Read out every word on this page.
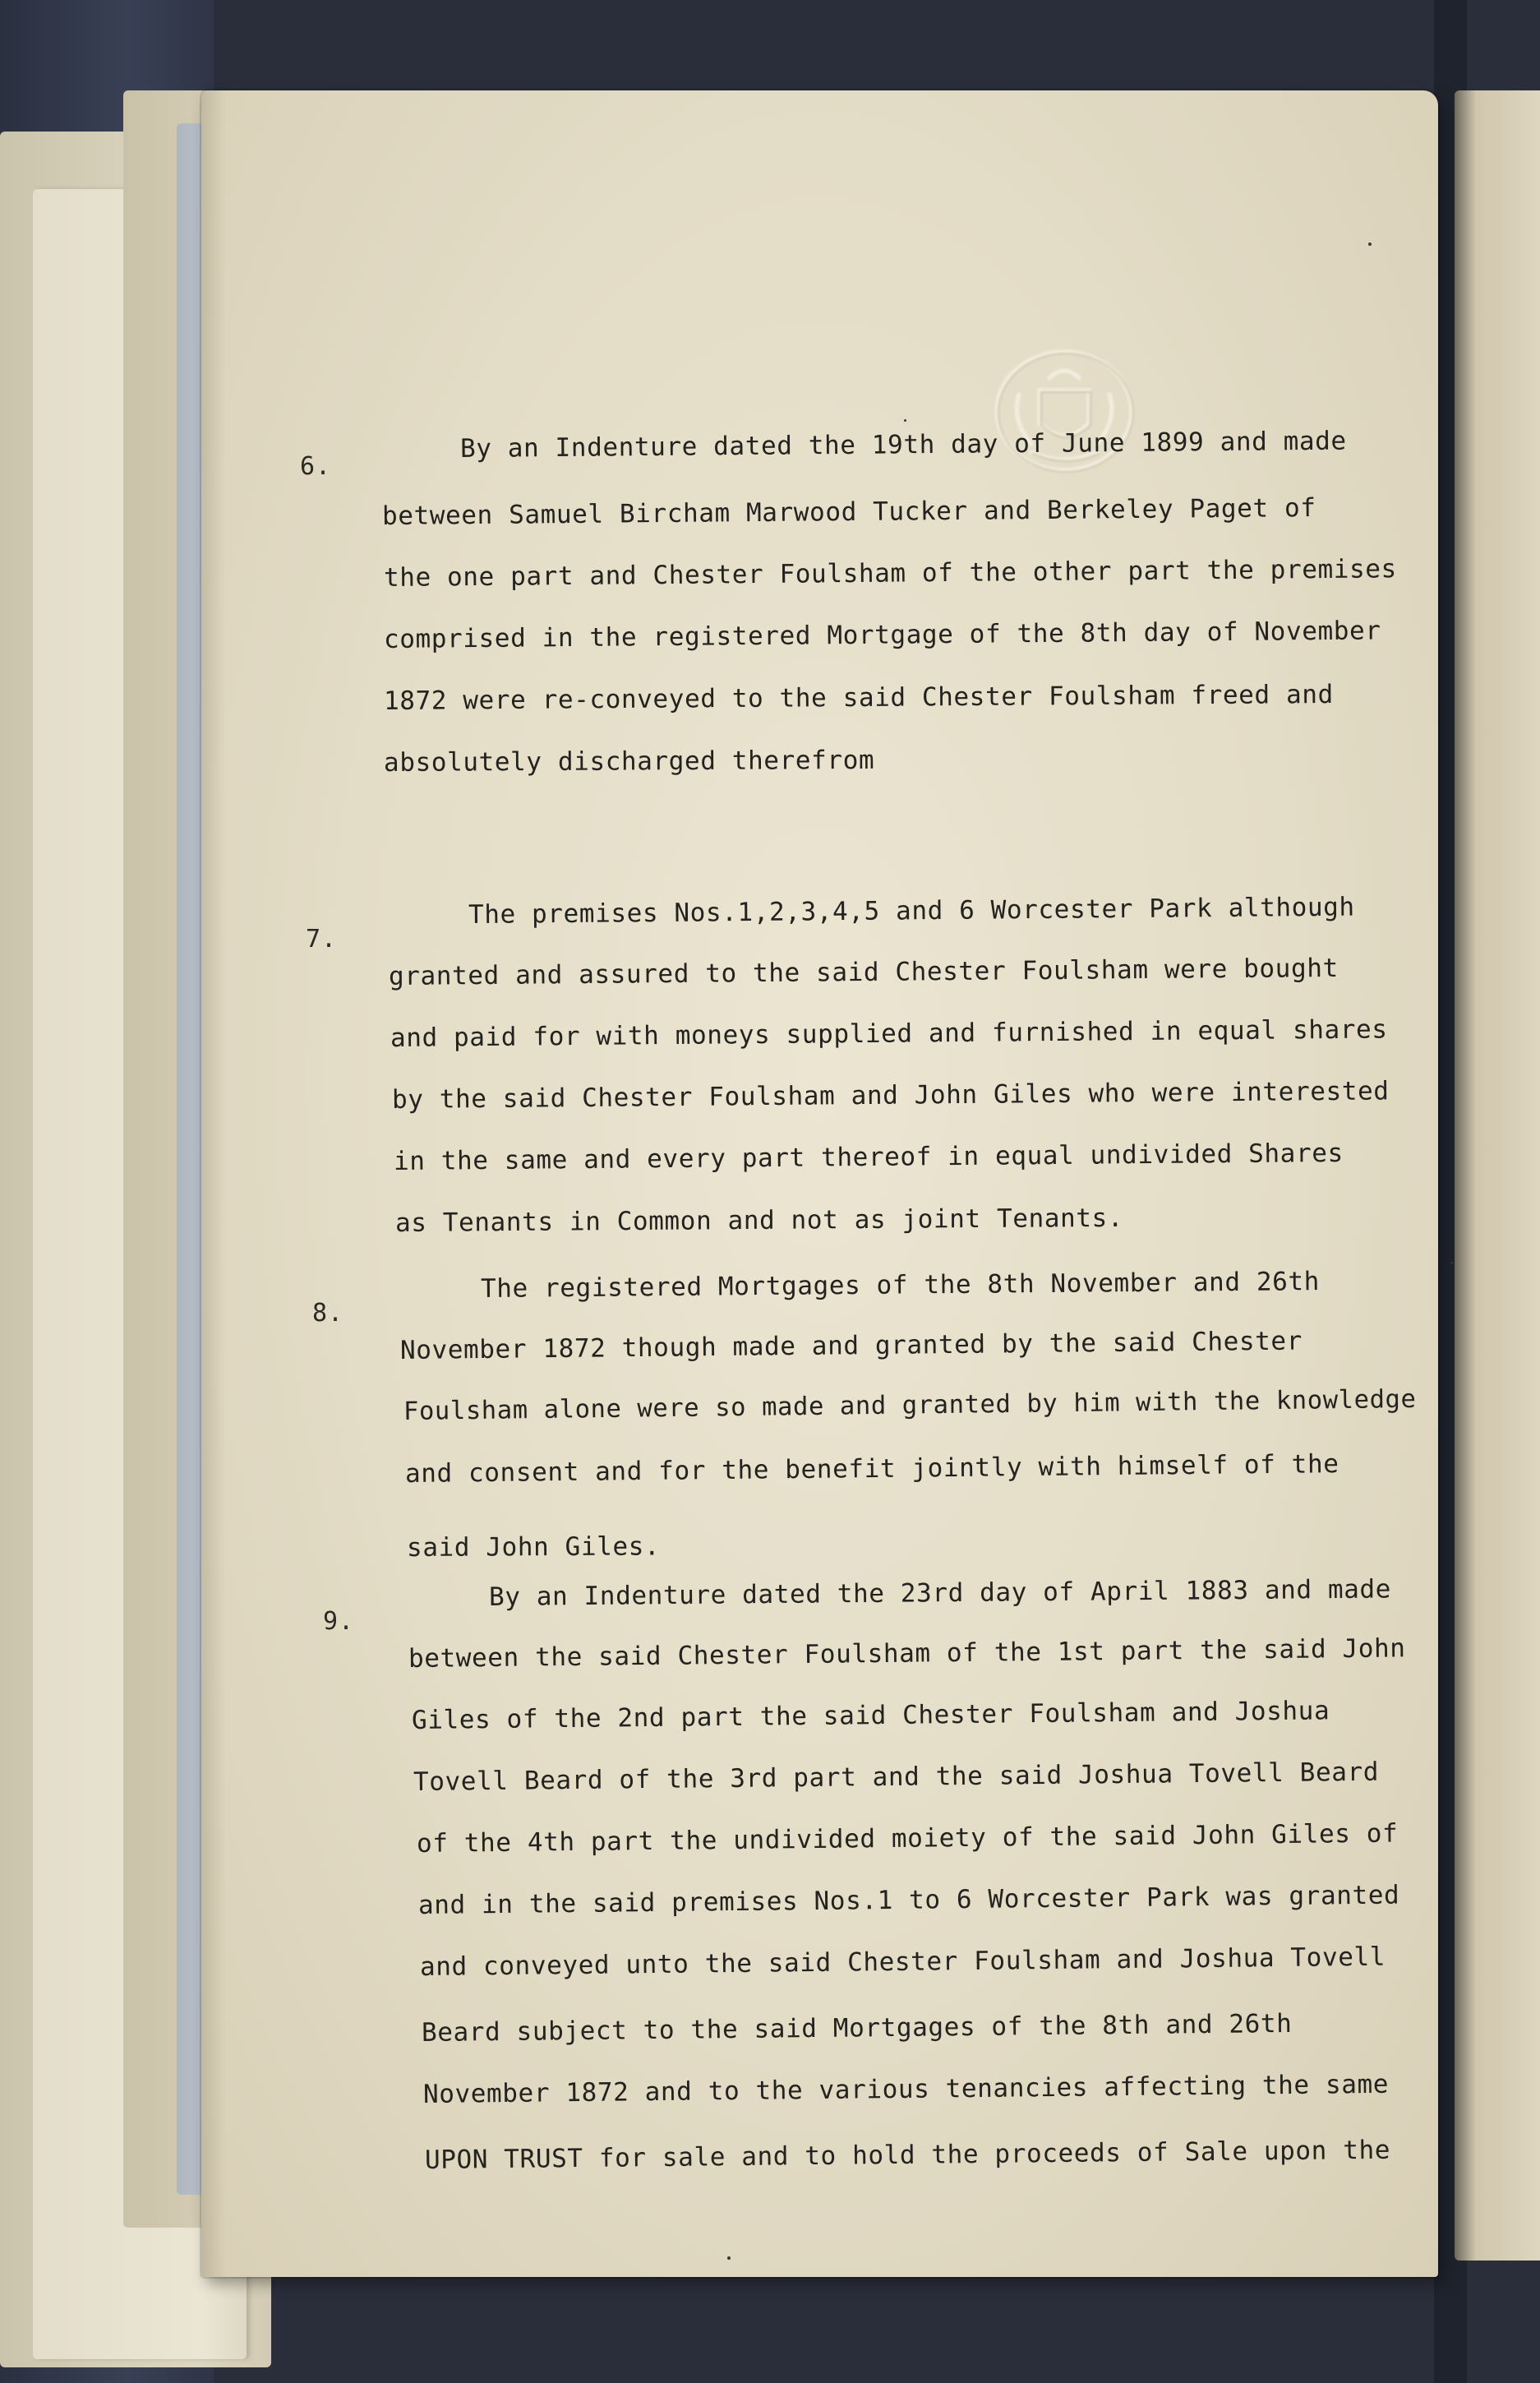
6.
By an Indenture dated the 19th day of June 1899 and made
between Samuel Bircham Marwood Tucker and Berkeley Paget of
the one part and Chester Foulsham of the other part the premises
comprised in the registered Mortgage of the 8th day of November
1872 were re-conveyed to the said Chester Foulsham freed and
absolutely discharged therefrom
7.
The premises Nos.1,2,3,4,5 and 6 Worcester Park although
granted and assured to the said Chester Foulsham were bought
and paid for with moneys supplied and furnished in equal shares
by the said Chester Foulsham and John Giles who were interested
in the same and every part thereof in equal undivided Shares
as Tenants in Common and not as joint Tenants.
8.
The registered Mortgages of the 8th November and 26th
November 1872 though made and granted by the said Chester
Foulsham alone were so made and granted by him with the knowledge
and consent and for the benefit jointly with himself of the
said John Giles.
9.
By an Indenture dated the 23rd day of April 1883 and made
between the said Chester Foulsham of the 1st part the said John
Giles of the 2nd part the said Chester Foulsham and Joshua
Tovell Beard of the 3rd part and the said Joshua Tovell Beard
of the 4th part the undivided moiety of the said John Giles of
and in the said premises Nos.1 to 6 Worcester Park was granted
and conveyed unto the said Chester Foulsham and Joshua Tovell
Beard subject to the said Mortgages of the 8th and 26th
November 1872 and to the various tenancies affecting the same
UPON TRUST for sale and to hold the proceeds of Sale upon the
